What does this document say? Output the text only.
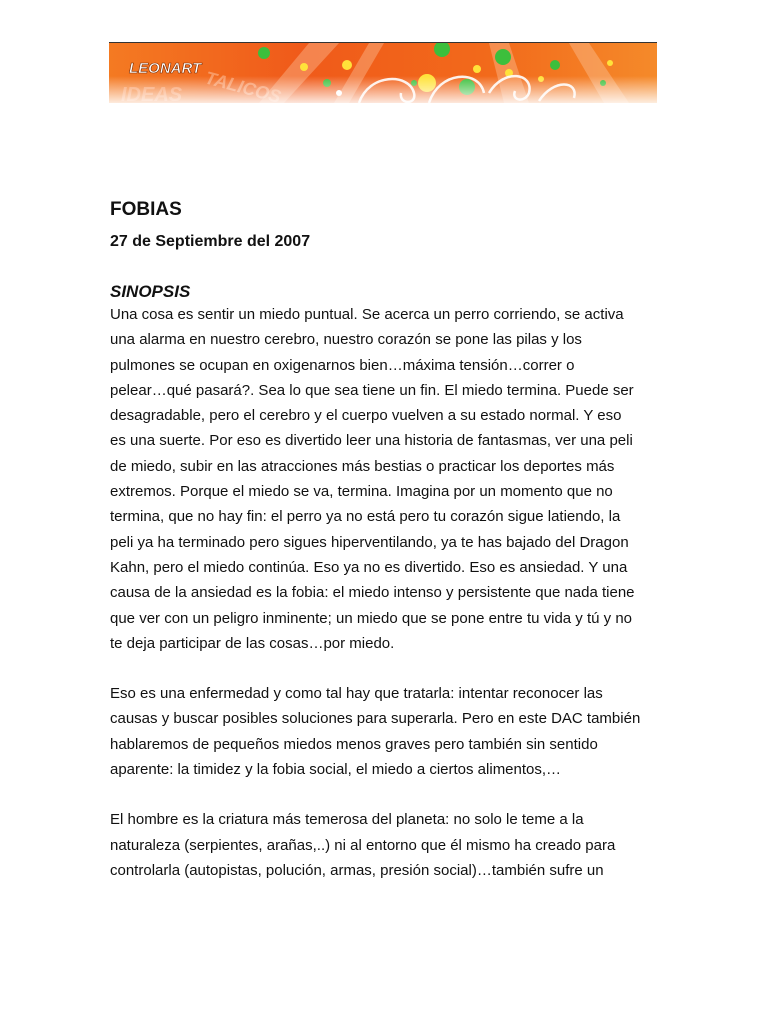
FOBIAS

27 de Septiembre del 2007

SINOPSIS

Una cosa es sentir un miedo puntual. Se acerca un perro corriendo, se activa
una alarma en nuestro cerebro, nuestro corazón se pone las pilas y los
pulmones se ocupan en oxigenarnos bien…máxima tensión…correr o
pelear…qué pasará?. Sea lo que sea tiene un fin. El miedo termina. Puede ser
desagradable, pero el cerebro y el cuerpo vuelven a su estado normal. Y eso
es una suerte. Por eso es divertido leer una historia de fantasmas, ver una peli
de miedo, subir en las atracciones más bestias o practicar los deportes más
extremos. Porque el miedo se va, termina. Imagina por un momento que no
termina, que no hay fin: el perro ya no está pero tu corazón sigue latiendo, la
peli ya ha terminado pero sigues hiperventilando, ya te has bajado del Dragon
Kahn, pero el miedo continúa. Eso ya no es divertido. Eso es ansiedad. Y una
causa de la ansiedad es la fobia: el miedo intenso y persistente que nada tiene
que ver con un peligro inminente; un miedo que se pone entre tu vida y tú y no
te deja participar de las cosas…por miedo.

Eso es una enfermedad y como tal hay que tratarla: intentar reconocer las
causas y buscar posibles soluciones para superarla. Pero en este DAC también
hablaremos de pequeños miedos menos graves pero también sin sentido
aparente: la timidez y la fobia social, el miedo a ciertos alimentos,…

El hombre es la criatura más temerosa del planeta: no solo le teme a la
naturaleza (serpientes, arañas,..) ni al entorno que él mismo ha creado para
controlarla (autopistas, polución, armas, presión social)…también sufre un
